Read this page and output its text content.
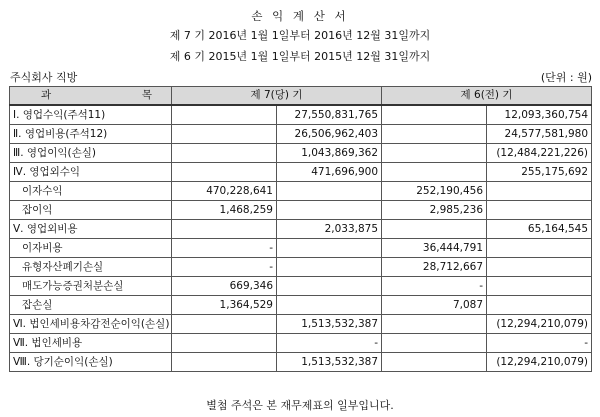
손 익 계 산 서
제 7 기 2016년 1월 1일부터 2016년 12월 31일까지
제 6 기 2015년 1월 1일부터 2015년 12월 31일까지
주식회사 직방	(단위 : 원)
과 목	제 7(당) 기		제 6(전) 기	
Ⅰ. 영업수익(주석11)		27,550,831,765		12,093,360,754
Ⅱ. 영업비용(주석12)		26,506,962,403		24,577,581,980
Ⅲ. 영업이익(손실)		1,043,869,362		(12,484,221,226)
Ⅳ. 영업외수익		471,696,900		255,175,692
이자수익	470,228,641		252,190,456	
잡이익	1,468,259		2,985,236	
Ⅴ. 영업외비용		2,033,875		65,164,545
이자비용	-		36,444,791	
유형자산폐기손실	-		28,712,667	
매도가능증권처분손실	669,346		-	
잡손실	1,364,529		7,087	
Ⅵ. 법인세비용차감전순이익(손실)		1,513,532,387		(12,294,210,079)
Ⅶ. 법인세비용		-		-
Ⅷ. 당기순이익(손실)		1,513,532,387		(12,294,210,079)
별첨 주석은 본 재무제표의 일부입니다.
